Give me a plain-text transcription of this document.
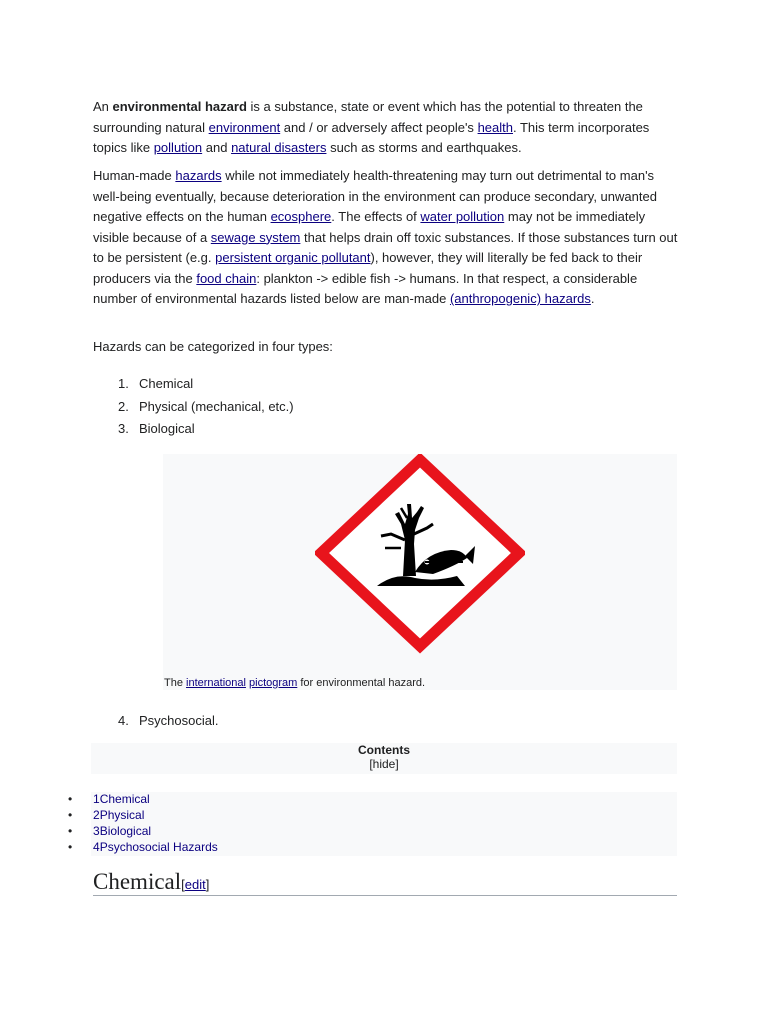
An environmental hazard is a substance, state or event which has the potential to threaten the surrounding natural environment and / or adversely affect people's health. This term incorporates topics like pollution and natural disasters such as storms and earthquakes.

Human-made hazards while not immediately health-threatening may turn out detrimental to man's well-being eventually, because deterioration in the environment can produce secondary, unwanted negative effects on the human ecosphere. The effects of water pollution may not be immediately visible because of a sewage system that helps drain off toxic substances. If those substances turn out to be persistent (e.g. persistent organic pollutant), however, they will literally be fed back to their producers via the food chain: plankton -> edible fish -> humans. In that respect, a considerable number of environmental hazards listed below are man-made (anthropogenic) hazards.

Hazards can be categorized in four types:

1. Chemical
2. Physical (mechanical, etc.)
3. Biological
The international pictogram for environmental hazard.
4. Psychosocial.
Contents
[hide]
• 1Chemical
• 2Physical
• 3Biological
• 4Psychosocial Hazards
Chemical[edit]
